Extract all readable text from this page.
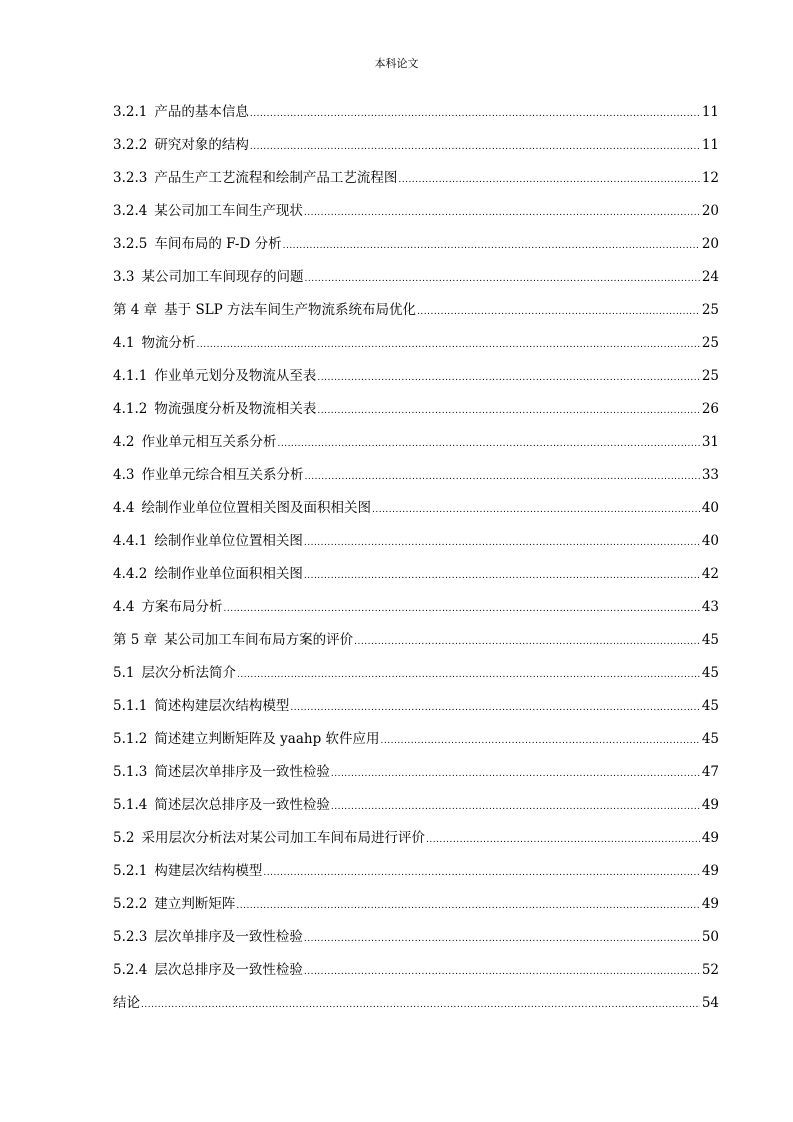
本科论文
3.2.1 产品的基本信息 .....	11
3.2.2 研究对象的结构 .....	11
3.2.3 产品生产工艺流程和绘制产品工艺流程图 .....	12
3.2.4 某公司加工车间生产现状 .....	20
3.2.5 车间布局的 F-D 分析 .....	20
3.3 某公司加工车间现存的问题 .....	24
第 4 章 基于 SLP 方法车间生产物流系统布局优化 .....	25
4.1 物流分析 .....	25
4.1.1 作业单元划分及物流从至表 .....	25
4.1.2 物流强度分析及物流相关表 .....	26
4.2 作业单元相互关系分析 .....	31
4.3 作业单元综合相互关系分析 .....	33
4.4 绘制作业单位位置相关图及面积相关图 .....	40
4.4.1 绘制作业单位位置相关图 .....	40
4.4.2 绘制作业单位面积相关图 .....	42
4.4 方案布局分析 .....	43
第 5 章 某公司加工车间布局方案的评价 .....	45
5.1 层次分析法简介 .....	45
5.1.1 简述构建层次结构模型 .....	45
5.1.2 简述建立判断矩阵及 yaahp 软件应用 .....	45
5.1.3 简述层次单排序及一致性检验 .....	47
5.1.4 简述层次总排序及一致性检验 .....	49
5.2 采用层次分析法对某公司加工车间布局进行评价 .....	49
5.2.1 构建层次结构模型 .....	49
5.2.2 建立判断矩阵 .....	49
5.2.3 层次单排序及一致性检验 .....	50
5.2.4 层次总排序及一致性检验 .....	52
结论 .....	54
